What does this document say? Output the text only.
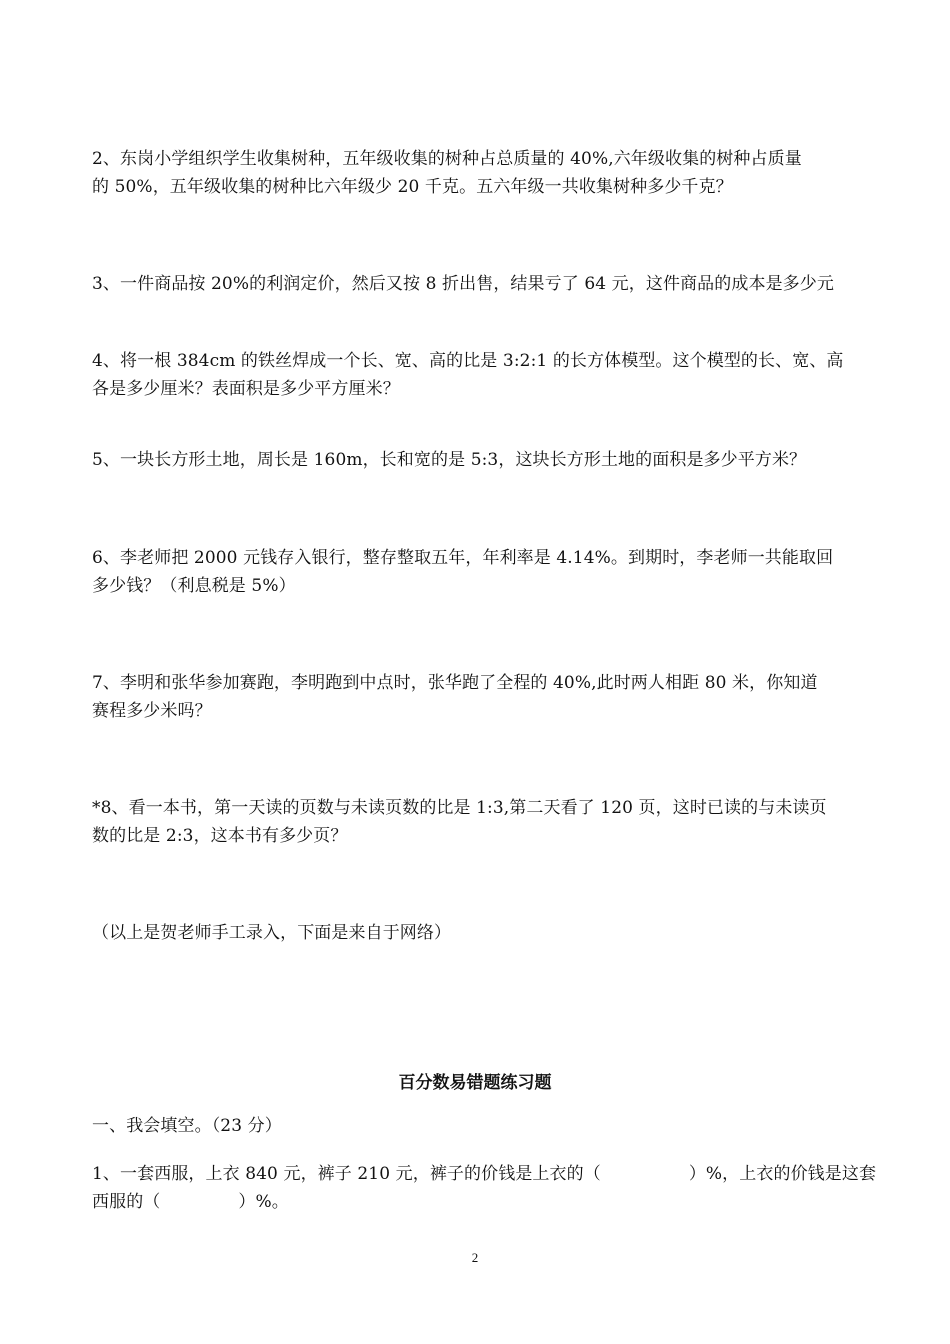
2、东岗小学组织学生收集树种，五年级收集的树种占总质量的 40%,六年级收集的树种占质量
的 50%，五年级收集的树种比六年级少 20 千克。五六年级一共收集树种多少千克？
3、一件商品按 20%的利润定价，然后又按 8 折出售，结果亏了 64 元，这件商品的成本是多少元
4、将一根 384cm 的铁丝焊成一个长、宽、高的比是 3:2:1 的长方体模型。这个模型的长、宽、高
各是多少厘米？表面积是多少平方厘米？
5、一块长方形土地，周长是 160m，长和宽的是 5:3，这块长方形土地的面积是多少平方米？
6、李老师把 2000 元钱存入银行，整存整取五年，年利率是 4.14%。到期时，李老师一共能取回
多少钱？（利息税是 5%）
7、李明和张华参加赛跑，李明跑到中点时，张华跑了全程的 40%,此时两人相距 80 米，你知道
赛程多少米吗？
*8、看一本书，第一天读的页数与未读页数的比是 1:3,第二天看了 120 页，这时已读的与未读页
数的比是 2:3，这本书有多少页？
（以上是贺老师手工录入，下面是来自于网络）
百分数易错题练习题
一、我会填空。（23 分）
1、一套西服，上衣 840 元，裤子 210 元，裤子的价钱是上衣的（	）%，上衣的价钱是这套
西服的（	）%。
2
